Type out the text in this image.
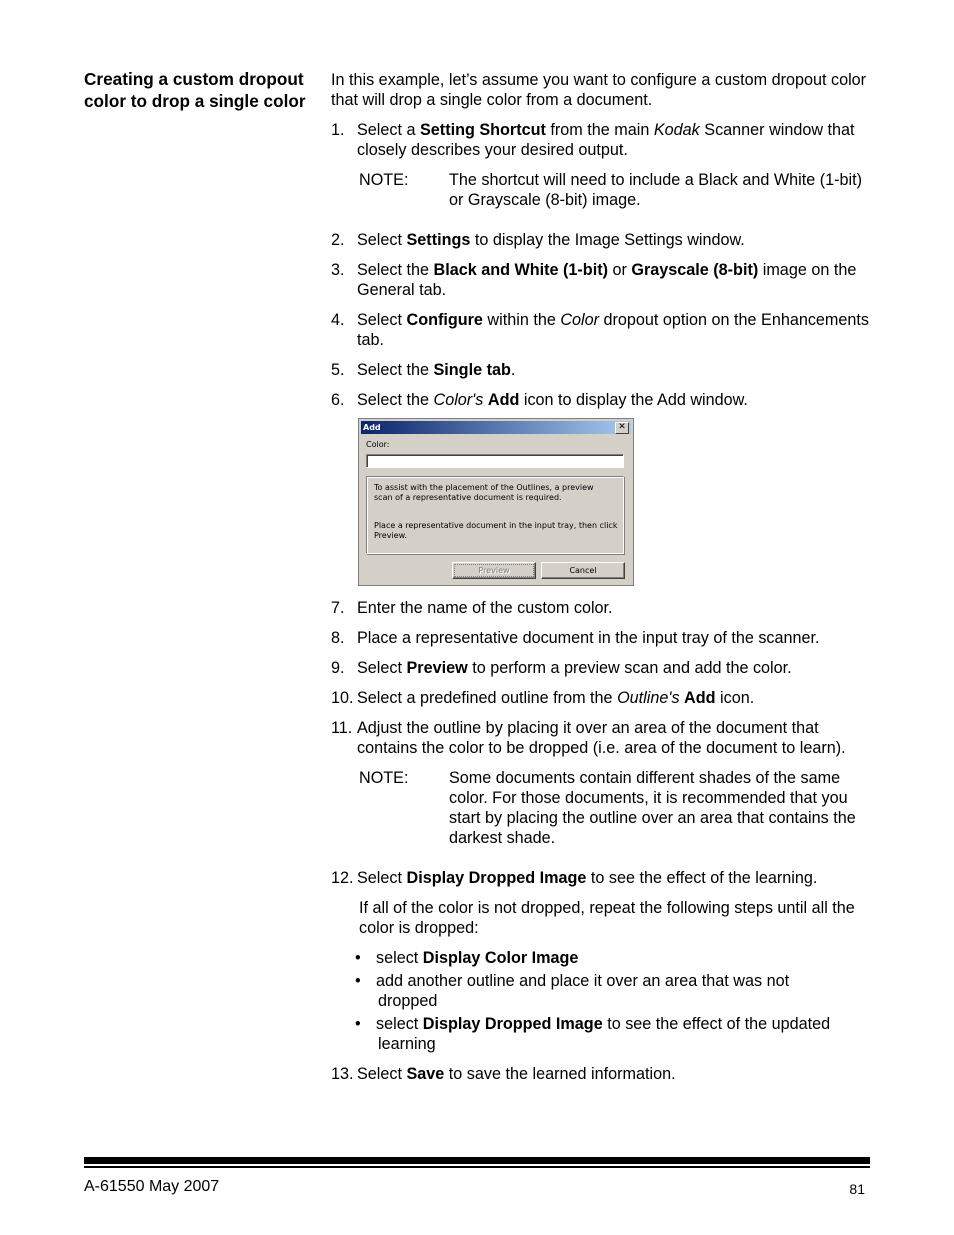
Creating a custom dropout color to drop a single color

In this example, let’s assume you want to configure a custom dropout color that will drop a single color from a document.

1. Select a Setting Shortcut from the main Kodak Scanner window that closely describes your desired output.
NOTE:	The shortcut will need to include a Black and White (1-bit) or Grayscale (8-bit) image.
2. Select Settings to display the Image Settings window.
3. Select the Black and White (1-bit) or Grayscale (8-bit) image on the General tab.
4. Select Configure within the Color dropout option on the Enhancements tab.
5. Select the Single tab.
6. Select the Color's Add icon to display the Add window.
Add	✕
Color:
To assist with the placement of the Outlines, a preview scan of a representative document is required.
Place a representative document in the input tray, then click Preview.
Preview	Cancel
7. Enter the name of the custom color.
8. Place a representative document in the input tray of the scanner.
9. Select Preview to perform a preview scan and add the color.
10. Select a predefined outline from the Outline's Add icon.
11. Adjust the outline by placing it over an area of the document that contains the color to be dropped (i.e. area of the document to learn).
NOTE:	Some documents contain different shades of the same color. For those documents, it is recommended that you start by placing the outline over an area that contains the darkest shade.
12. Select Display Dropped Image to see the effect of the learning.

If all of the color is not dropped, repeat the following steps until all the color is dropped:

• select Display Color Image
• add another outline and place it over an area that was not
dropped
• select Display Dropped Image to see the effect of the updated
learning
13. Select Save to save the learned information.
A-61550 May 2007	81
